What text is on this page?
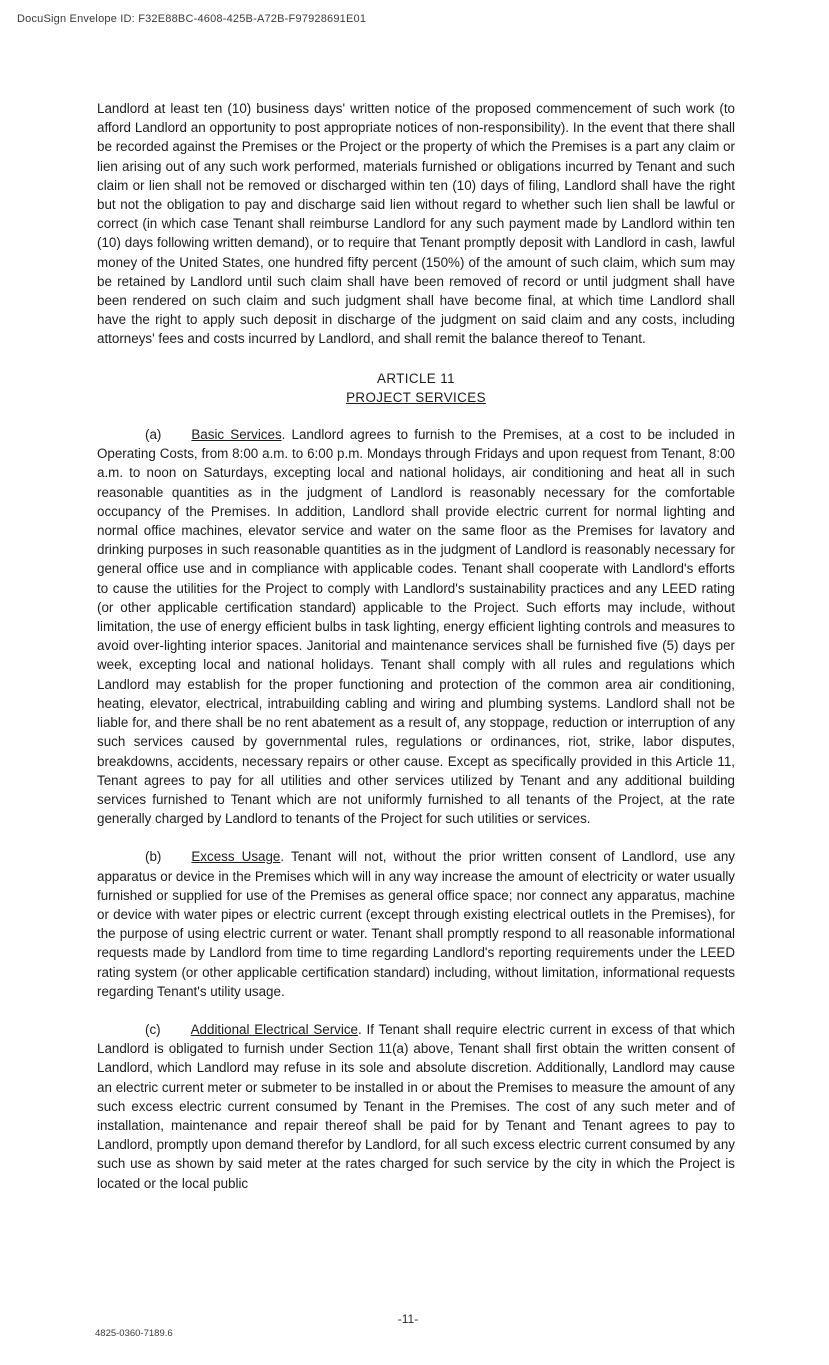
DocuSign Envelope ID: F32E88BC-4608-425B-A72B-F97928691E01

Landlord at least ten (10) business days' written notice of the proposed commencement of such work (to afford Landlord an opportunity to post appropriate notices of non-responsibility). In the event that there shall be recorded against the Premises or the Project or the property of which the Premises is a part any claim or lien arising out of any such work performed, materials furnished or obligations incurred by Tenant and such claim or lien shall not be removed or discharged within ten (10) days of filing, Landlord shall have the right but not the obligation to pay and discharge said lien without regard to whether such lien shall be lawful or correct (in which case Tenant shall reimburse Landlord for any such payment made by Landlord within ten (10) days following written demand), or to require that Tenant promptly deposit with Landlord in cash, lawful money of the United States, one hundred fifty percent (150%) of the amount of such claim, which sum may be retained by Landlord until such claim shall have been removed of record or until judgment shall have been rendered on such claim and such judgment shall have become final, at which time Landlord shall have the right to apply such deposit in discharge of the judgment on said claim and any costs, including attorneys' fees and costs incurred by Landlord, and shall remit the balance thereof to Tenant.

ARTICLE 11
PROJECT SERVICES

(a) Basic Services. Landlord agrees to furnish to the Premises, at a cost to be included in Operating Costs, from 8:00 a.m. to 6:00 p.m. Mondays through Fridays and upon request from Tenant, 8:00 a.m. to noon on Saturdays, excepting local and national holidays, air conditioning and heat all in such reasonable quantities as in the judgment of Landlord is reasonably necessary for the comfortable occupancy of the Premises. In addition, Landlord shall provide electric current for normal lighting and normal office machines, elevator service and water on the same floor as the Premises for lavatory and drinking purposes in such reasonable quantities as in the judgment of Landlord is reasonably necessary for general office use and in compliance with applicable codes. Tenant shall cooperate with Landlord's efforts to cause the utilities for the Project to comply with Landlord's sustainability practices and any LEED rating (or other applicable certification standard) applicable to the Project. Such efforts may include, without limitation, the use of energy efficient bulbs in task lighting, energy efficient lighting controls and measures to avoid over-lighting interior spaces. Janitorial and maintenance services shall be furnished five (5) days per week, excepting local and national holidays. Tenant shall comply with all rules and regulations which Landlord may establish for the proper functioning and protection of the common area air conditioning, heating, elevator, electrical, intrabuilding cabling and wiring and plumbing systems. Landlord shall not be liable for, and there shall be no rent abatement as a result of, any stoppage, reduction or interruption of any such services caused by governmental rules, regulations or ordinances, riot, strike, labor disputes, breakdowns, accidents, necessary repairs or other cause. Except as specifically provided in this Article 11, Tenant agrees to pay for all utilities and other services utilized by Tenant and any additional building services furnished to Tenant which are not uniformly furnished to all tenants of the Project, at the rate generally charged by Landlord to tenants of the Project for such utilities or services.

(b) Excess Usage. Tenant will not, without the prior written consent of Landlord, use any apparatus or device in the Premises which will in any way increase the amount of electricity or water usually furnished or supplied for use of the Premises as general office space; nor connect any apparatus, machine or device with water pipes or electric current (except through existing electrical outlets in the Premises), for the purpose of using electric current or water. Tenant shall promptly respond to all reasonable informational requests made by Landlord from time to time regarding Landlord's reporting requirements under the LEED rating system (or other applicable certification standard) including, without limitation, informational requests regarding Tenant's utility usage.

(c) Additional Electrical Service. If Tenant shall require electric current in excess of that which Landlord is obligated to furnish under Section 11(a) above, Tenant shall first obtain the written consent of Landlord, which Landlord may refuse in its sole and absolute discretion. Additionally, Landlord may cause an electric current meter or submeter to be installed in or about the Premises to measure the amount of any such excess electric current consumed by Tenant in the Premises. The cost of any such meter and of installation, maintenance and repair thereof shall be paid for by Tenant and Tenant agrees to pay to Landlord, promptly upon demand therefor by Landlord, for all such excess electric current consumed by any such use as shown by said meter at the rates charged for such service by the city in which the Project is located or the local public

-11-
4825-0360-7189.6
